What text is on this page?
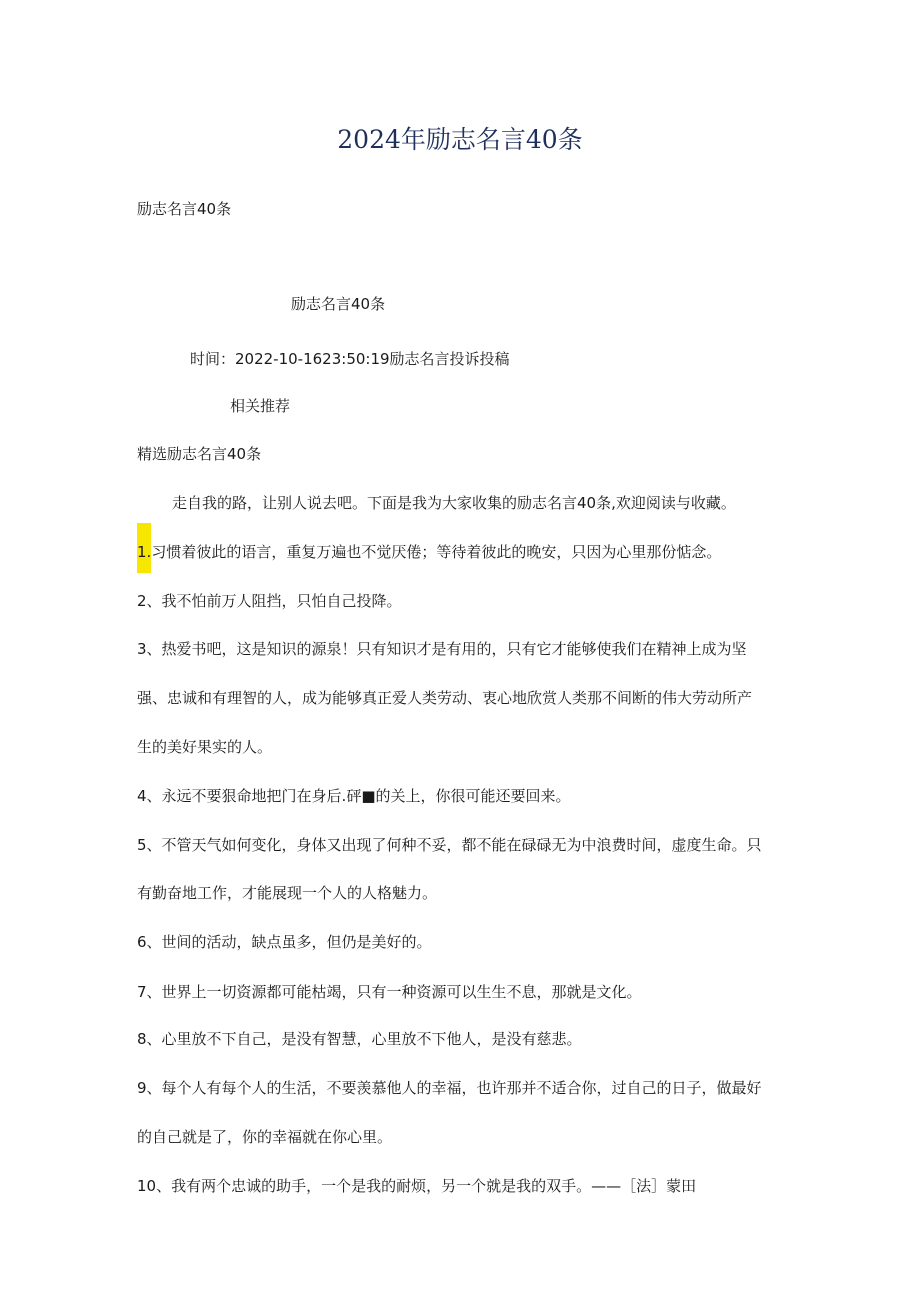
2024年励志名言40条
励志名言40条
励志名言40条
时间：2022-10-1623:50:19励志名言投诉投稿
相关推荐
精选励志名言40条
走自我的路，让别人说去吧。下面是我为大家收集的励志名言40条,欢迎阅读与收藏。
1.习惯着彼此的语言，重复万遍也不觉厌倦；等待着彼此的晚安，只因为心里那份惦念。
2、我不怕前万人阻挡，只怕自己投降。
3、热爱书吧，这是知识的源泉！只有知识才是有用的，只有它才能够使我们在精神上成为坚
强、忠诚和有理智的人，成为能够真正爱人类劳动、衷心地欣赏人类那不间断的伟大劳动所产
生的美好果实的人。
4、永远不要狠命地把门在身后.砰■的关上，你很可能还要回来。
5、不管天气如何变化，身体又出现了何种不妥，都不能在碌碌无为中浪费时间，虚度生命。只
有勤奋地工作，才能展现一个人的人格魅力。
6、世间的活动，缺点虽多，但仍是美好的。
7、世界上一切资源都可能枯竭，只有一种资源可以生生不息，那就是文化。
8、心里放不下自己，是没有智慧，心里放不下他人，是没有慈悲。
9、每个人有每个人的生活，不要羡慕他人的幸福，也许那并不适合你，过自己的日子，做最好
的自己就是了，你的幸福就在你心里。
10、我有两个忠诚的助手，一个是我的耐烦，另一个就是我的双手。——［法］蒙田
